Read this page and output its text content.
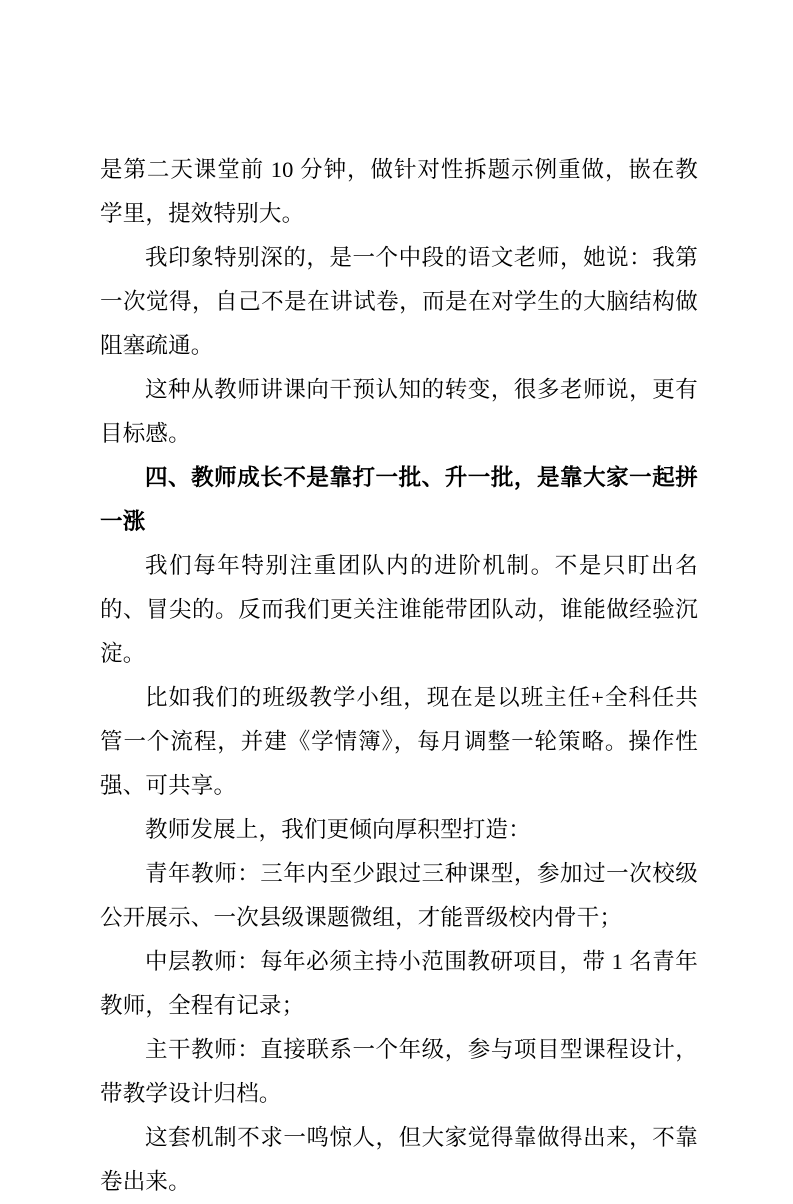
是第二天课堂前 10 分钟，做针对性拆题示例重做，嵌在教学里，提效特别大。

我印象特别深的，是一个中段的语文老师，她说：我第一次觉得，自己不是在讲试卷，而是在对学生的大脑结构做阻塞疏通。

这种从教师讲课向干预认知的转变，很多老师说，更有目标感。

四、教师成长不是靠打一批、升一批，是靠大家一起拼一涨

我们每年特别注重团队内的进阶机制。不是只盯出名的、冒尖的。反而我们更关注谁能带团队动，谁能做经验沉淀。

比如我们的班级教学小组，现在是以班主任+全科任共管一个流程，并建《学情簿》，每月调整一轮策略。操作性强、可共享。

教师发展上，我们更倾向厚积型打造：

青年教师：三年内至少跟过三种课型，参加过一次校级公开展示、一次县级课题微组，才能晋级校内骨干；

中层教师：每年必须主持小范围教研项目，带 1 名青年教师，全程有记录；

主干教师：直接联系一个年级，参与项目型课程设计，带教学设计归档。

这套机制不求一鸣惊人，但大家觉得靠做得出来，不靠卷出来。
